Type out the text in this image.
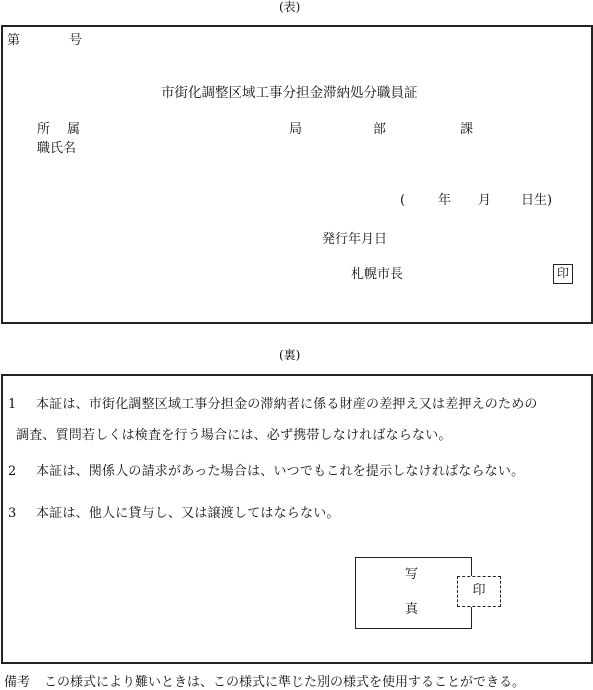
(表)
第	号
市街化調整区域工事分担金滞納処分職員証
所 属	局	部	課
職氏名
(	年 月 日生)
発行年月日
札幌市長	印
(裏)
1 本証は、市街化調整区域工事分担金の滞納者に係る財産の差押え又は差押えのための
調査、質問若しくは検査を行う場合には、必ず携帯しなければならない。
2 本証は、関係人の請求があった場合は、いつでもこれを提示しなければならない。
3 本証は、他人に貸与し、又は譲渡してはならない。
写
真
印
備考 この様式により難いときは、この様式に準じた別の様式を使用することができる。
